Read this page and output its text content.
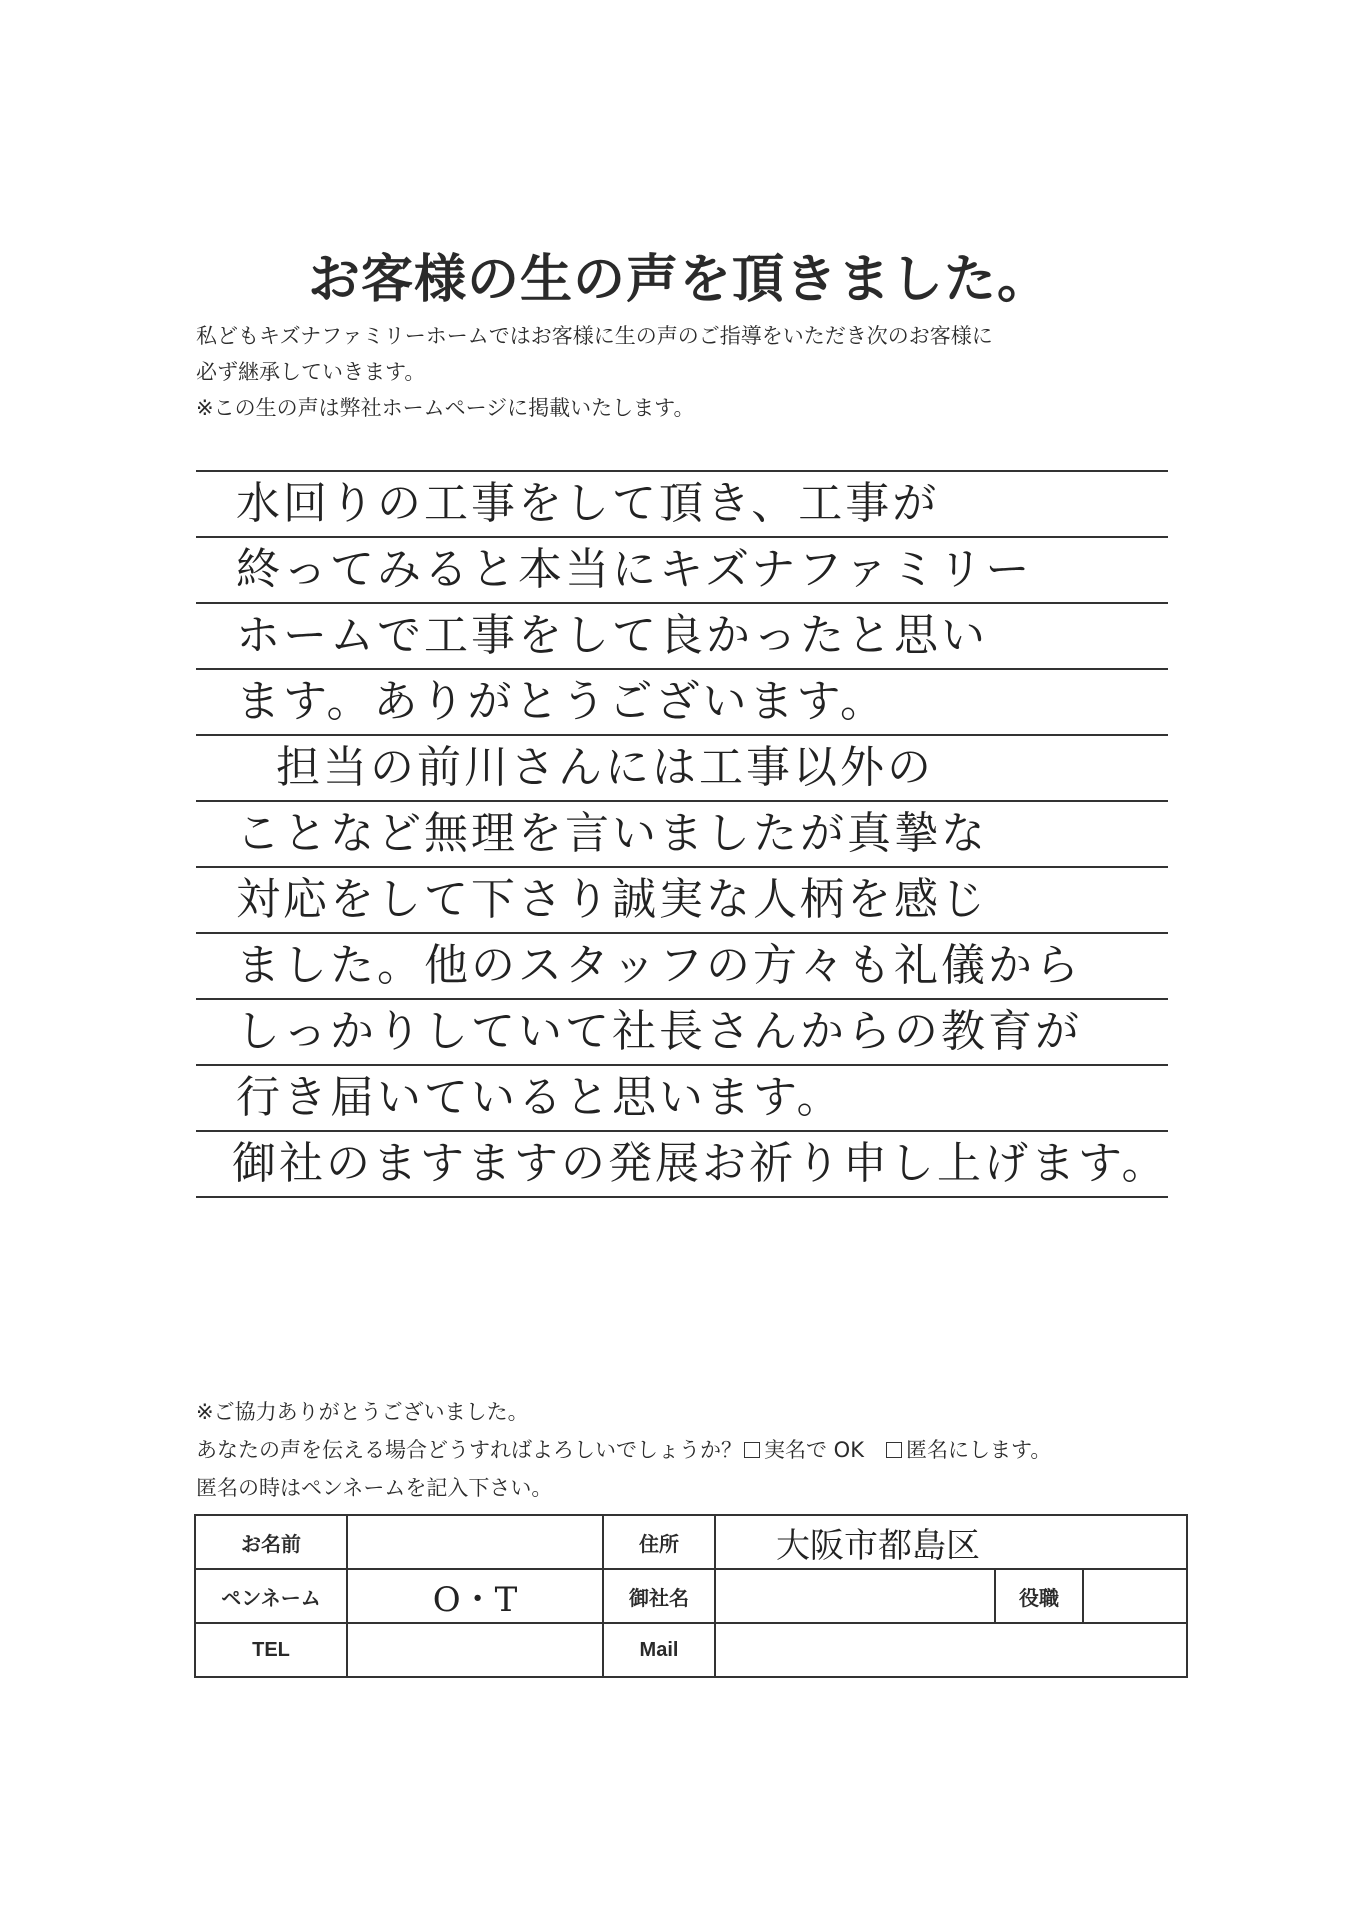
お客様の生の声を頂きました。
私どもキズナファミリーホームではお客様に生の声のご指導をいただき次のお客様に
必ず継承していきます。
※この生の声は弊社ホームページに掲載いたします。
水回りの工事をして頂き、工事が
終ってみると本当にキズナファミリー
ホームで工事をして良かったと思い
ます。ありがとうございます。
担当の前川さんには工事以外の
ことなど無理を言いましたが真摯な
対応をして下さり誠実な人柄を感じ
ました。他のスタッフの方々も礼儀から
しっかりしていて社長さんからの教育が
行き届いていると思います。
御社のますますの発展お祈り申し上げます。
※ご協力ありがとうございました。
あなたの声を伝える場合どうすればよろしいでしょうか？ 実名で OK 匿名にします。
匿名の時はペンネームを記入下さい。
お名前		住所	大阪市都島区		
ペンネーム	O・T	御社名		役職	
TEL		Mail			
